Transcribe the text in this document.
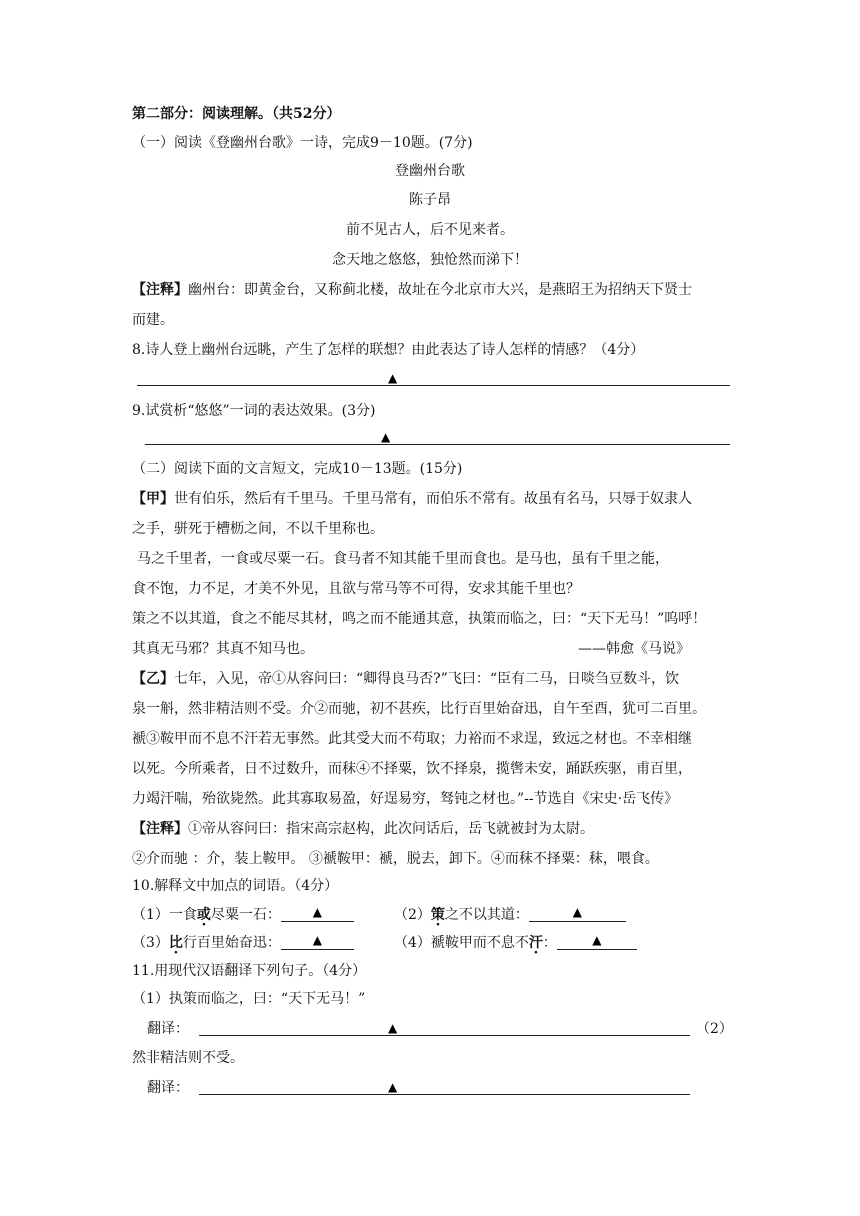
第二部分：阅读理解。（共52分）
（一）阅读《登幽州台歌》一诗，完成9－10题。(7分)
登幽州台歌
陈子昂
前不见古人，后不见来者。
念天地之悠悠，独怆然而涕下！
【注释】幽州台：即黄金台，又称蓟北楼，故址在今北京市大兴，是燕昭王为招纳天下贤士
而建。
8.诗人登上幽州台远眺，产生了怎样的联想？由此表达了诗人怎样的情感？（4分）
▲
9.试赏析“悠悠”一词的表达效果。(3分)
▲
（二）阅读下面的文言短文，完成10－13题。(15分)
【甲】世有伯乐，然后有千里马。千里马常有，而伯乐不常有。故虽有名马，只辱于奴隶人
之手，骈死于槽枥之间，不以千里称也。
马之千里者，一食或尽粟一石。食马者不知其能千里而食也。是马也，虽有千里之能，
食不饱，力不足，才美不外见，且欲与常马等不可得，安求其能千里也？
策之不以其道，食之不能尽其材，鸣之而不能通其意，执策而临之，曰：“天下无马！”呜呼！
其真无马邪？其真不知马也。	——韩愈《马说》
【乙】七年，入见，帝①从容问曰：“卿得良马否?”飞曰：“臣有二马，日啖刍豆数斗，饮
泉一斛，然非精洁则不受。介②而驰，初不甚疾，比行百里始奋迅，自午至酉，犹可二百里。
褫③鞍甲而不息不汗若无事然。此其受大而不苟取；力裕而不求逞，致远之材也。不幸相继
以死。今所乘者，日不过数升，而秣④不择粟，饮不择泉，揽辔未安，踊跃疾驱，甫百里，
力竭汗喘，殆欲毙然。此其寡取易盈，好逞易穷，驽钝之材也。”--节选自《宋史·岳飞传》
【注释】①帝从容问曰：指宋高宗赵构，此次问话后，岳飞就被封为太尉。
②介而驰 ：介，装上鞍甲。 ③褫鞍甲：褫，脱去，卸下。④而秣不择粟：秣，喂食。
10.解释文中加点的词语。（4分）
（1）一食或尽粟一石：	▲	（2）策之不以其道：	▲
（3）比行百里始奋迅：	▲	（4）褫鞍甲而不息不汗：	▲
11.用现代汉语翻译下列句子。（4分）
（1）执策而临之，曰：“天下无马！”
翻译：	▲	（2）
然非精洁则不受。
翻译：	▲
